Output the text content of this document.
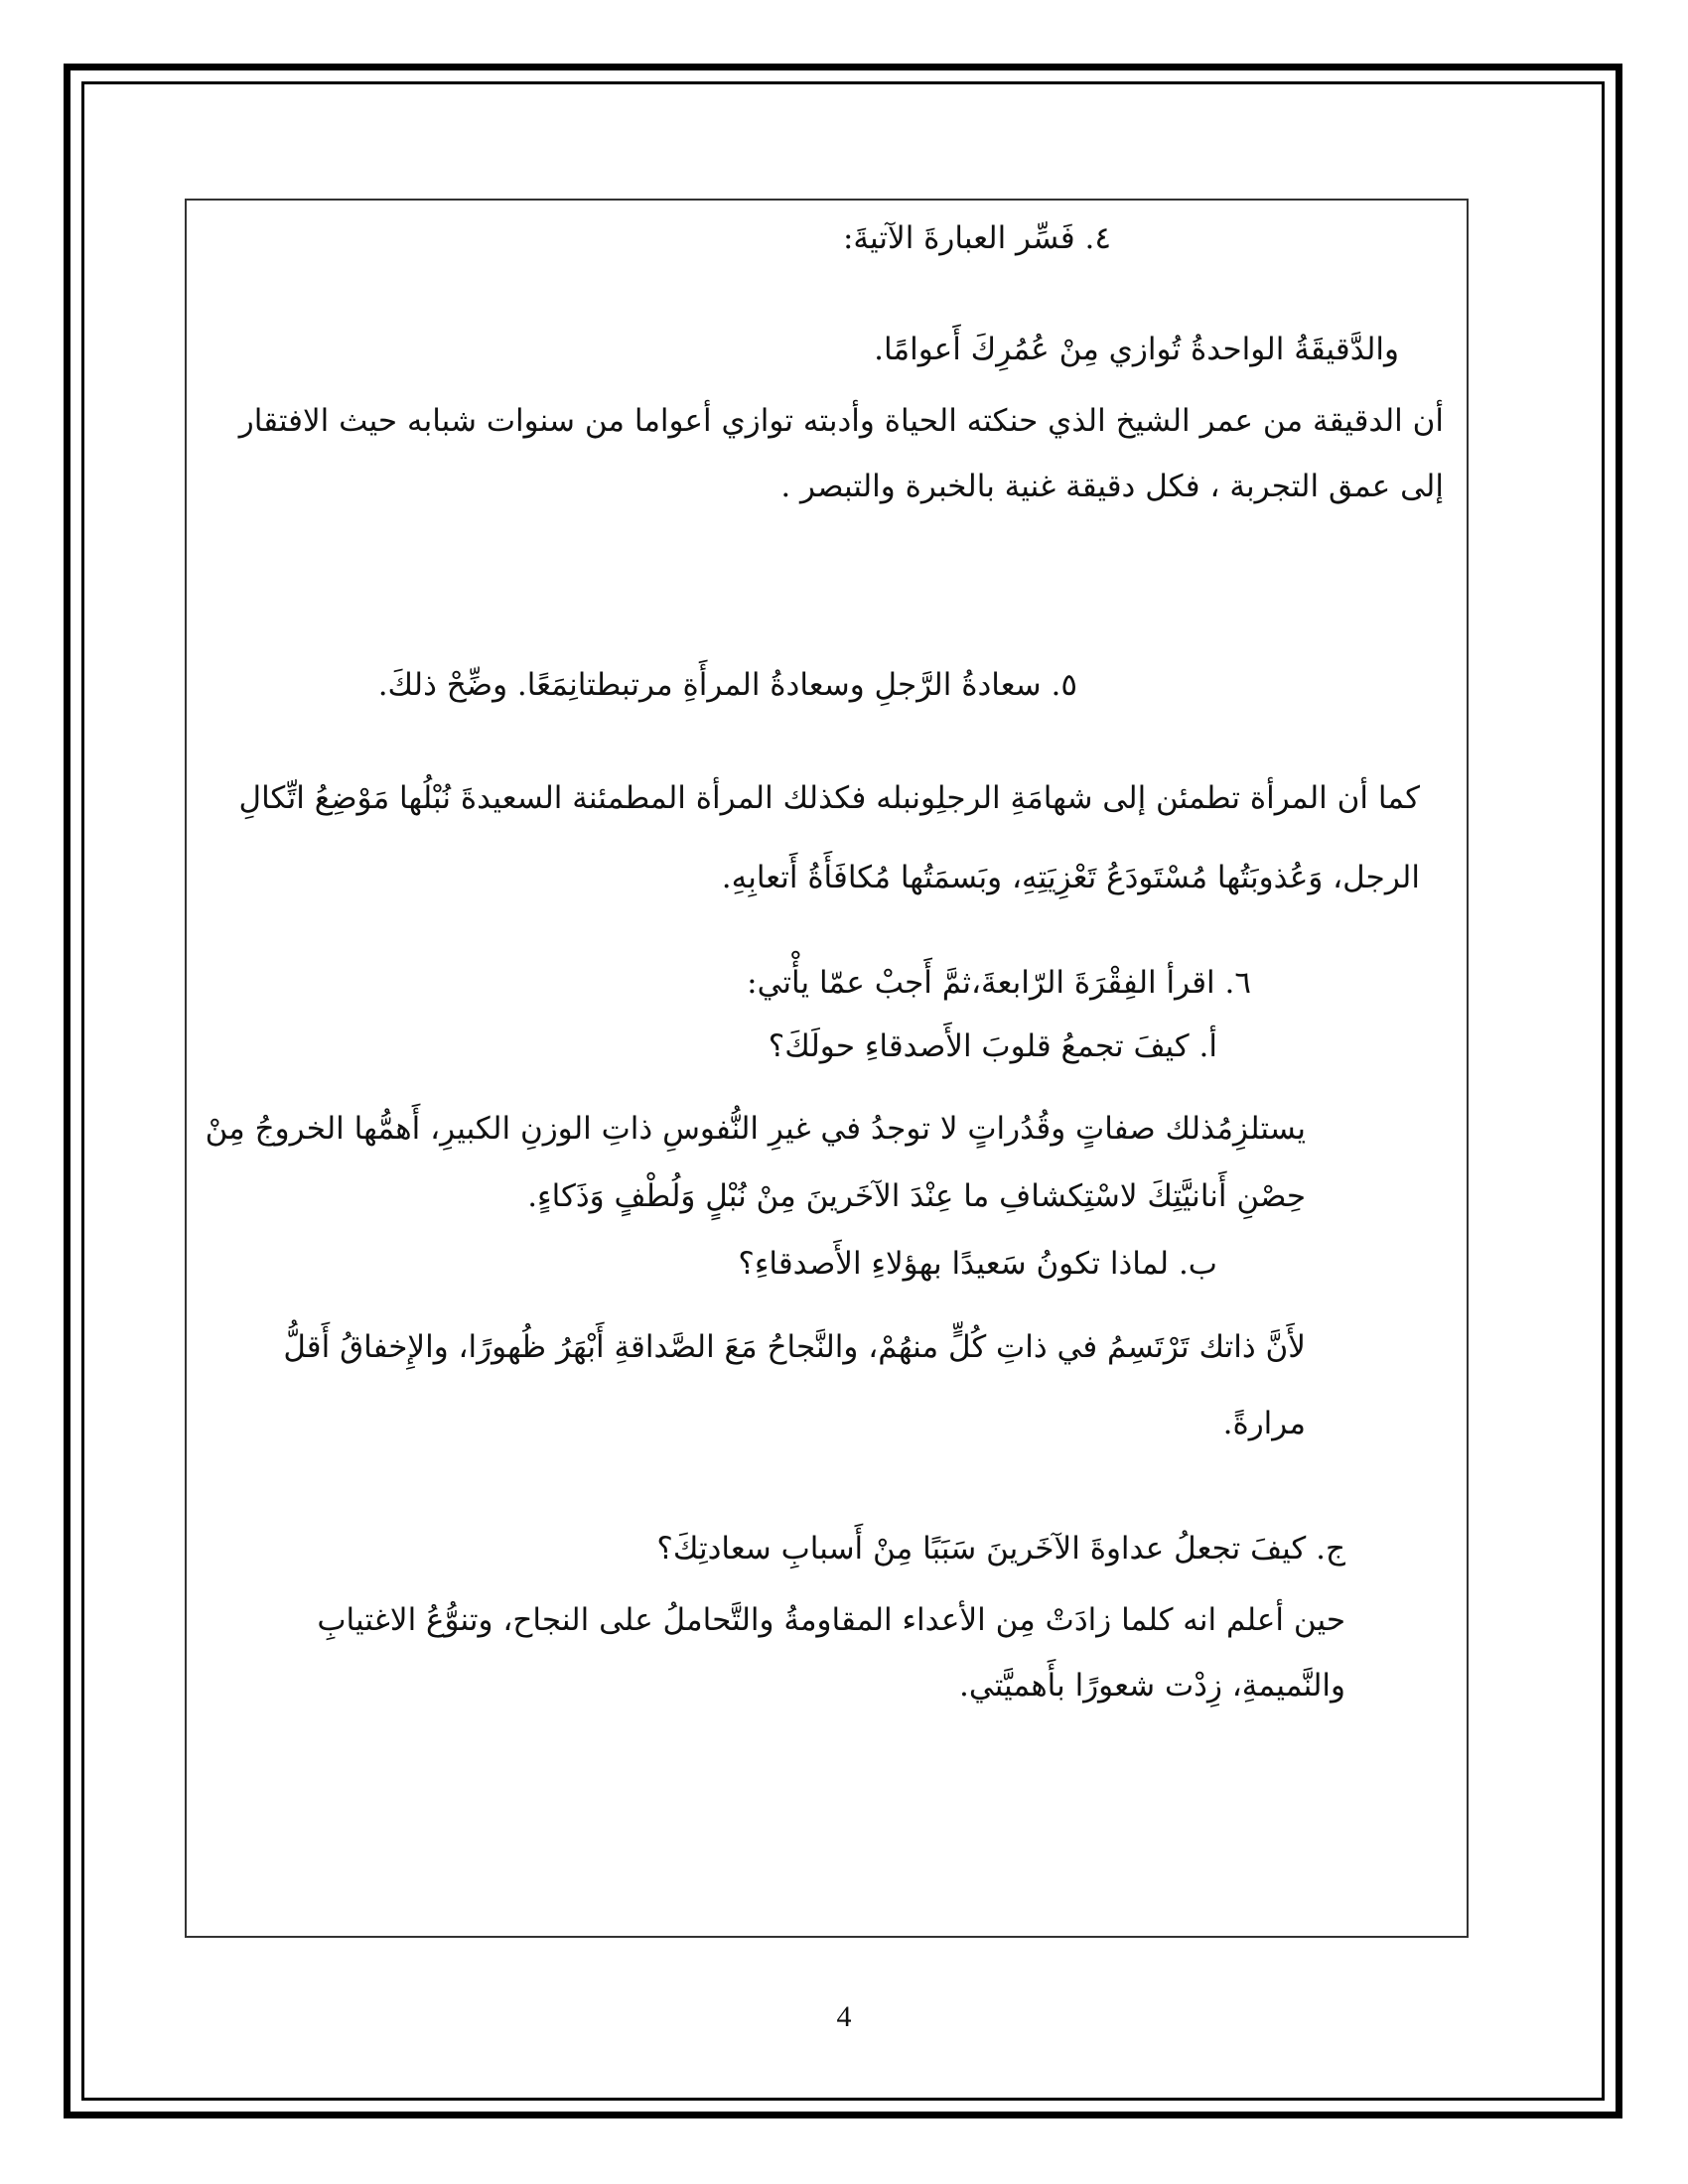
٤. فَسِّر العبارةَ الآتيةَ:
والدَّقيقَةُ الواحدةُ تُوازي مِنْ عُمُرِكَ أَعوامًا.
أن الدقيقة من عمر الشيخ الذي حنكته الحياة وأدبته توازي أعواما من سنوات شبابه حيث الافتقار
إلى عمق التجربة ، فكل دقيقة غنية بالخبرة والتبصر .
٥. سعادةُ الرَّجلِ وسعادةُ المرأَةِ مرتبطتانِمَعًا. وضِّحْ ذلكَ.
كما أن المرأة تطمئن إلى شهامَةِ الرجلِونبله فكذلك المرأة المطمئنة السعيدةَ نُبْلُها مَوْضِعُ اتِّكالِ
الرجل، وَعُذوبَتُها مُسْتَودَعُ تَعْزِيَتِهِ، وبَسمَتُها مُكافَأَةُ أَتعابِهِ.
٦. اقرأ الفِقْرَةَ الرّابعةَ،ثمَّ أَجبْ عمّا يأْتي:
أ. كيفَ تجمعُ قلوبَ الأَصدقاءِ حولَكَ؟
يستلزِمُذلك صفاتٍ وقُدُراتٍ لا توجدُ في غيرِ النُّفوسِ ذاتِ الوزنِ الكبيرِ، أَهمُّها الخروجُ مِنْ
حِصْنِ أَنانيَّتِكَ لاسْتِكشافِ ما عِنْدَ الآخَرينَ مِنْ نُبْلٍ وَلُطْفٍ وَذَكاءٍ.
ب. لماذا تكونُ سَعيدًا بهؤلاءِ الأَصدقاءِ؟
لأَنَّ ذاتك تَرْتَسِمُ في ذاتِ كُلٍّ منهُمْ، والنَّجاحُ مَعَ الصَّداقةِ أَبْهَرُ ظُهورًا، والإِخفاقُ أَقلُّ
مرارةً.
ج. كيفَ تجعلُ عداوةَ الآخَرينَ سَبَبًا مِنْ أَسبابِ سعادتِكَ؟
حين أعلم انه كلما زادَتْ مِن الأعداء المقاومةُ والتَّحاملُ على النجاح، وتنوُّعُ الاغتيابِ
والنَّميمةِ، زِدْت شعورًا بأَهميَّتي.
4
